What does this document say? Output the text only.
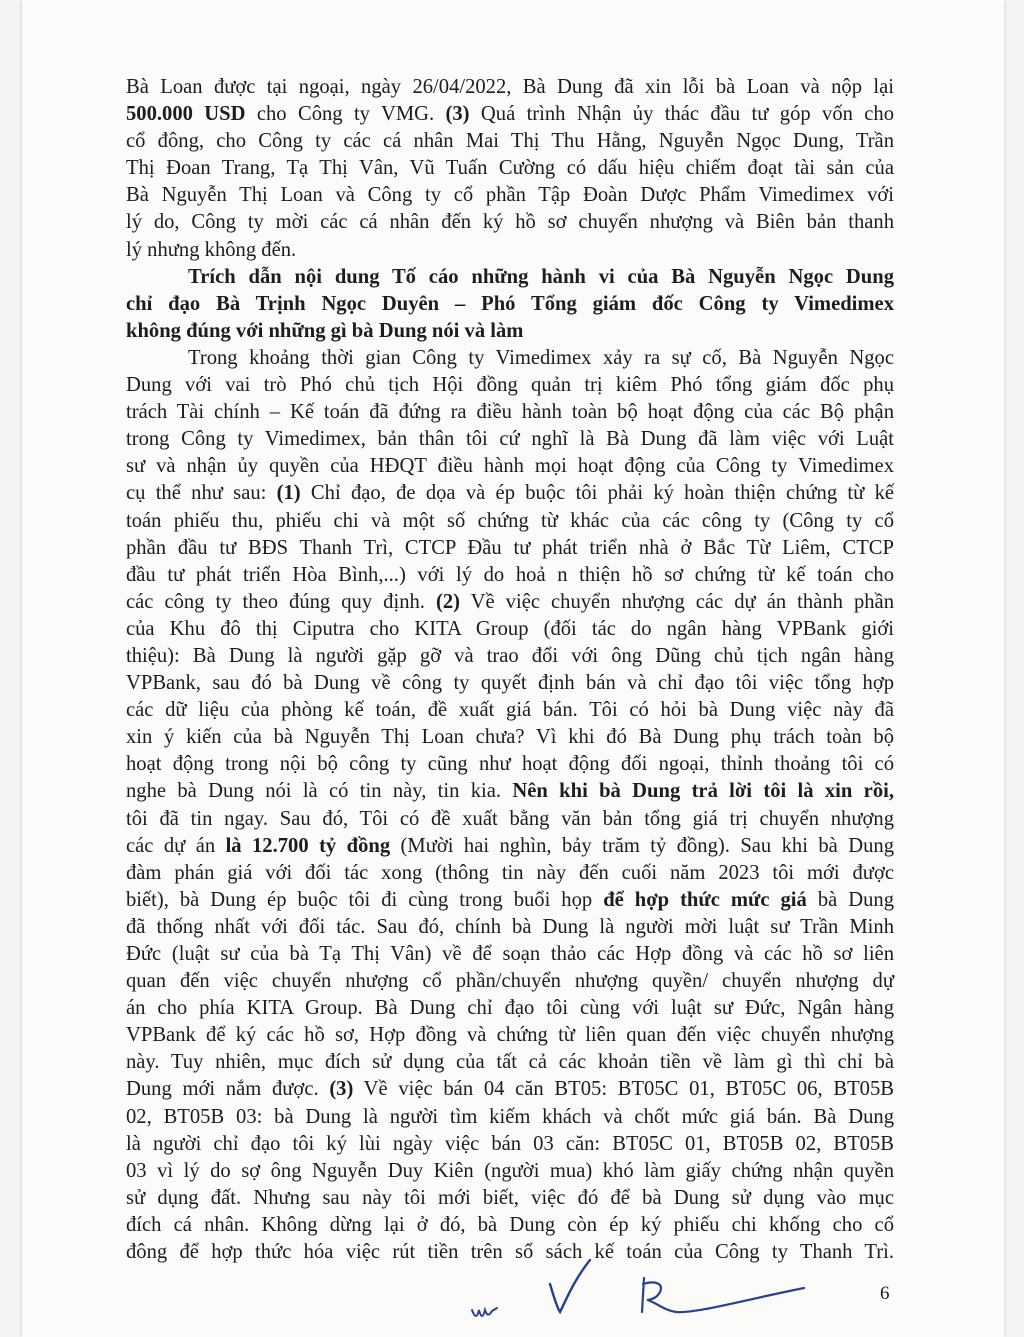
Bà Loan được tại ngoại, ngày 26/04/2022, Bà Dung đã xin lỗi bà Loan và nộp lại
500.000 USD cho Công ty VMG. (3) Quá trình Nhận ủy thác đầu tư góp vốn cho
cổ đông, cho Công ty các cá nhân Mai Thị Thu Hằng, Nguyễn Ngọc Dung, Trần
Thị Đoan Trang, Tạ Thị Vân, Vũ Tuấn Cường có dấu hiệu chiếm đoạt tài sản của
Bà Nguyễn Thị Loan và Công ty cổ phần Tập Đoàn Dược Phẩm Vimedimex với
lý do, Công ty mời các cá nhân đến ký hồ sơ chuyển nhượng và Biên bản thanh
lý nhưng không đến.

Trích dẫn nội dung Tố cáo những hành vi của Bà Nguyễn Ngọc Dung
chỉ đạo Bà Trịnh Ngọc Duyên – Phó Tổng giám đốc Công ty Vimedimex
không đúng với những gì bà Dung nói và làm

Trong khoảng thời gian Công ty Vimedimex xảy ra sự cố, Bà Nguyễn Ngọc
Dung với vai trò Phó chủ tịch Hội đồng quản trị kiêm Phó tổng giám đốc phụ
trách Tài chính – Kế toán đã đứng ra điều hành toàn bộ hoạt động của các Bộ phận
trong Công ty Vimedimex, bản thân tôi cứ nghĩ là Bà Dung đã làm việc với Luật
sư và nhận ủy quyền của HĐQT điều hành mọi hoạt động của Công ty Vimedimex
cụ thể như sau: (1) Chỉ đạo, đe dọa và ép buộc tôi phải ký hoàn thiện chứng từ kế
toán phiếu thu, phiếu chi và một số chứng từ khác của các công ty (Công ty cổ
phần đầu tư BĐS Thanh Trì, CTCP Đầu tư phát triển nhà ở Bắc Từ Liêm, CTCP
đầu tư phát triển Hòa Bình,...) với lý do hoả n thiện hồ sơ chứng từ kế toán cho
các công ty theo đúng quy định. (2) Về việc chuyển nhượng các dự án thành phần
của Khu đô thị Ciputra cho KITA Group (đối tác do ngân hàng VPBank giới
thiệu): Bà Dung là người gặp gỡ và trao đổi với ông Dũng chủ tịch ngân hàng
VPBank, sau đó bà Dung về công ty quyết định bán và chỉ đạo tôi việc tổng hợp
các dữ liệu của phòng kế toán, đề xuất giá bán. Tôi có hỏi bà Dung việc này đã
xin ý kiến của bà Nguyễn Thị Loan chưa? Vì khi đó Bà Dung phụ trách toàn bộ
hoạt động trong nội bộ công ty cũng như hoạt động đối ngoại, thỉnh thoảng tôi có
nghe bà Dung nói là có tin này, tin kia. Nên khi bà Dung trả lời tôi là xin rồi,
tôi đã tin ngay. Sau đó, Tôi có đề xuất bằng văn bản tổng giá trị chuyển nhượng
các dự án là 12.700 tỷ đồng (Mười hai nghìn, bảy trăm tỷ đồng). Sau khi bà Dung
đàm phán giá với đối tác xong (thông tin này đến cuối năm 2023 tôi mới được
biết), bà Dung ép buộc tôi đi cùng trong buổi họp để hợp thức mức giá bà Dung
đã thống nhất với đối tác. Sau đó, chính bà Dung là người mời luật sư Trần Minh
Đức (luật sư của bà Tạ Thị Vân) về để soạn thảo các Hợp đồng và các hồ sơ liên
quan đến việc chuyển nhượng cổ phần/chuyển nhượng quyền/ chuyển nhượng dự
án cho phía KITA Group. Bà Dung chỉ đạo tôi cùng với luật sư Đức, Ngân hàng
VPBank để ký các hồ sơ, Hợp đồng và chứng từ liên quan đến việc chuyển nhượng
này. Tuy nhiên, mục đích sử dụng của tất cả các khoản tiền về làm gì thì chỉ bà
Dung mới nắm được. (3) Về việc bán 04 căn BT05: BT05C 01, BT05C 06, BT05B
02, BT05B 03: bà Dung là người tìm kiếm khách và chốt mức giá bán. Bà Dung
là người chỉ đạo tôi ký lùi ngày việc bán 03 căn: BT05C 01, BT05B 02, BT05B
03 vì lý do sợ ông Nguyễn Duy Kiên (người mua) khó làm giấy chứng nhận quyền
sử dụng đất. Nhưng sau này tôi mới biết, việc đó để bà Dung sử dụng vào mục
đích cá nhân. Không dừng lại ở đó, bà Dung còn ép ký phiếu chi khống cho cổ
đông để hợp thức hóa việc rút tiền trên sổ sách kế toán của Công ty Thanh Trì.

6
